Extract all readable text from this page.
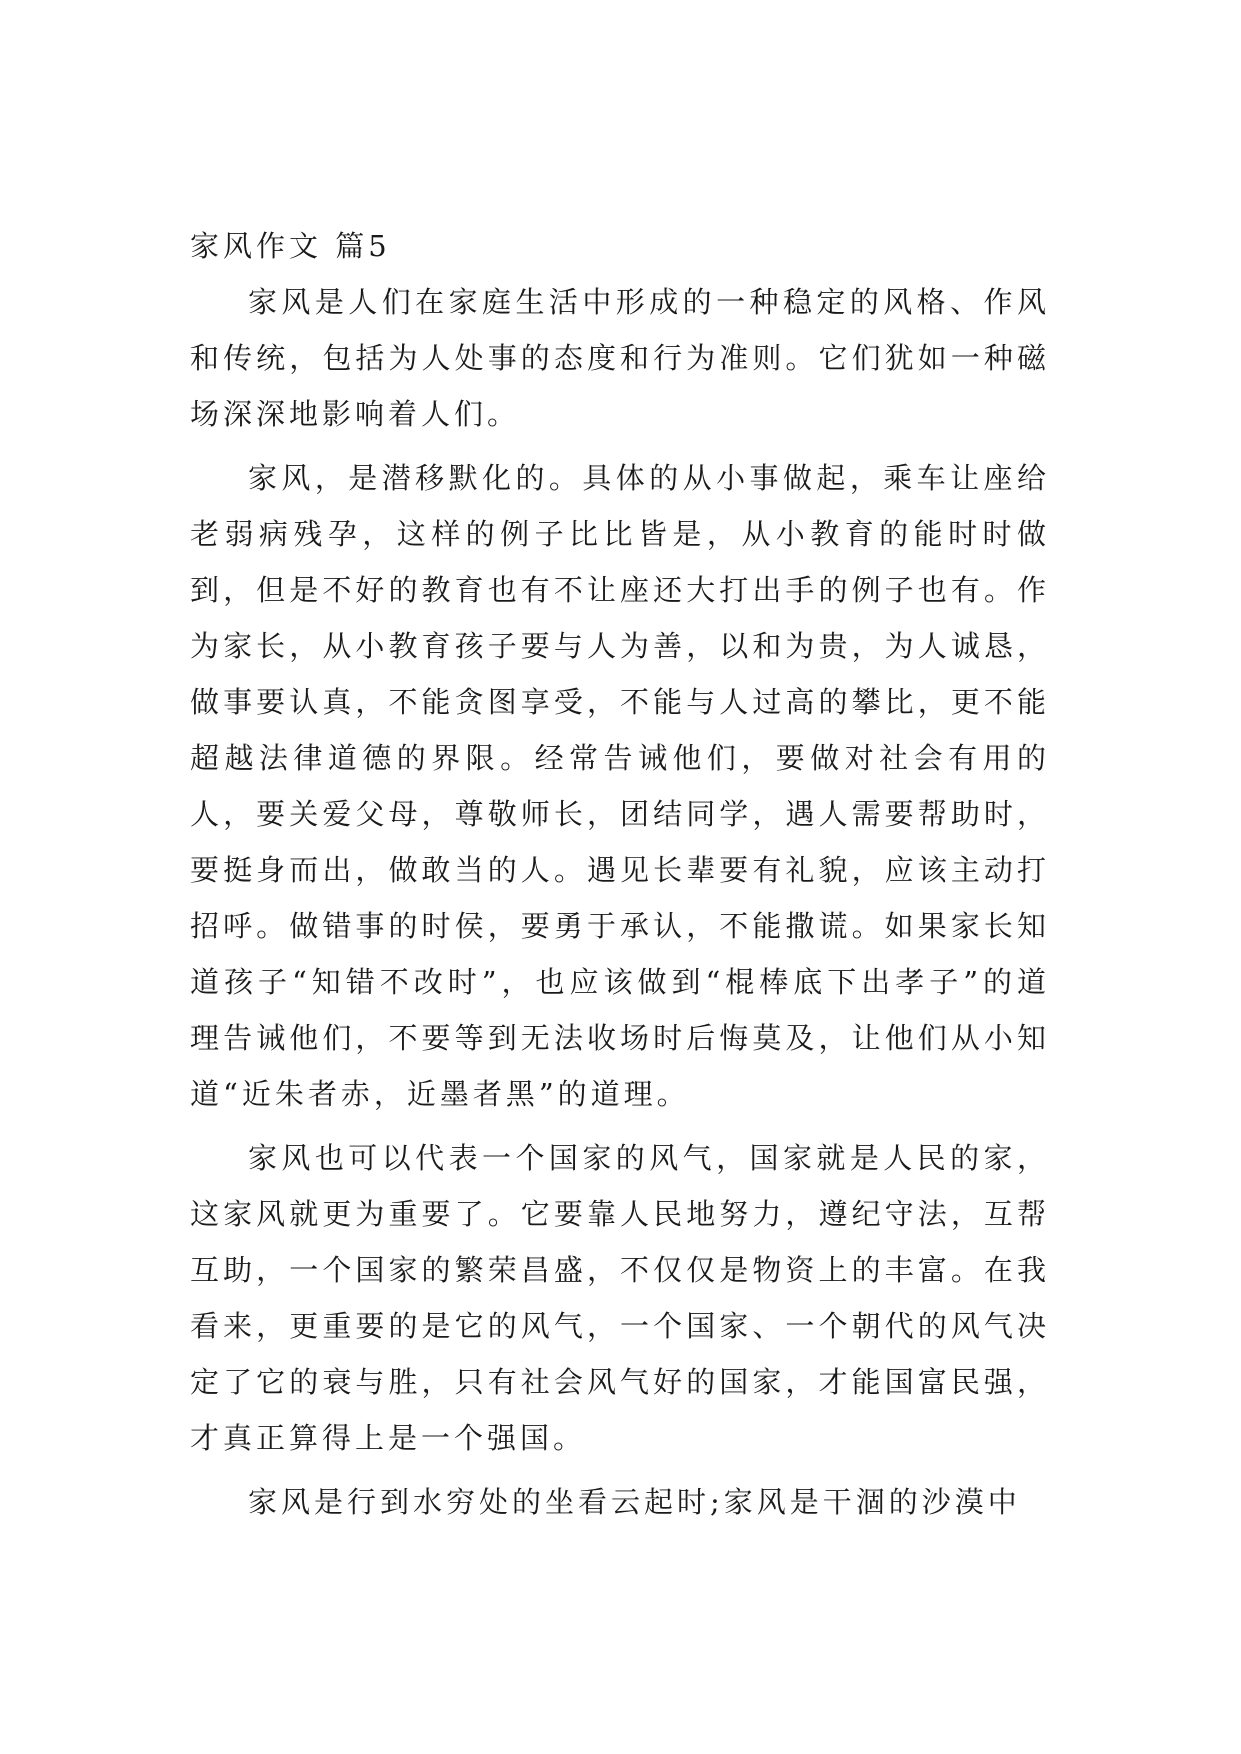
家风作文 篇5

家风是人们在家庭生活中形成的一种稳定的风格、作风和传统，包括为人处事的态度和行为准则。它们犹如一种磁场深深地影响着人们。

家风，是潜移默化的。具体的从小事做起，乘车让座给老弱病残孕，这样的例子比比皆是，从小教育的能时时做到，但是不好的教育也有不让座还大打出手的例子也有。作为家长，从小教育孩子要与人为善，以和为贵，为人诚恳，做事要认真，不能贪图享受，不能与人过高的攀比，更不能超越法律道德的界限。经常告诫他们，要做对社会有用的人，要关爱父母，尊敬师长，团结同学，遇人需要帮助时，要挺身而出，做敢当的人。遇见长辈要有礼貌，应该主动打招呼。做错事的时侯，要勇于承认，不能撒谎。如果家长知道孩子“知错不改时”，也应该做到“棍棒底下出孝子”的道理告诫他们，不要等到无法收场时后悔莫及，让他们从小知道“近朱者赤，近墨者黑”的道理。

家风也可以代表一个国家的风气，国家就是人民的家，这家风就更为重要了。它要靠人民地努力，遵纪守法，互帮互助，一个国家的繁荣昌盛，不仅仅是物资上的丰富。在我看来，更重要的是它的风气，一个国家、一个朝代的风气决定了它的衰与胜，只有社会风气好的国家，才能国富民强，才真正算得上是一个强国。

家风是行到水穷处的坐看云起时;家风是干涸的沙漠中
